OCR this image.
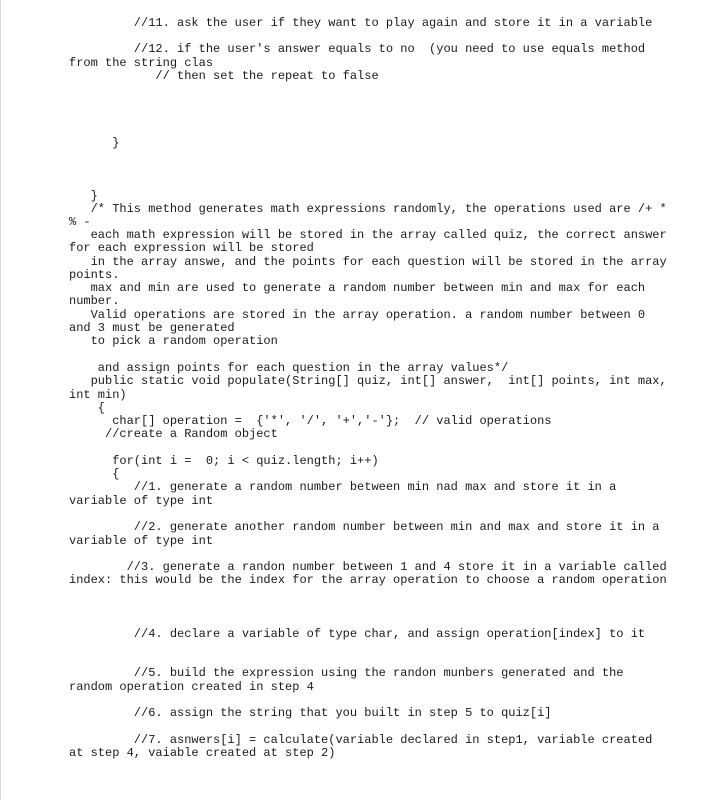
//11. ask the user if they want to play again and store it in a variable
//12. if the user's answer equals to no  (you need to use equals method
from the string clas
// then set the repeat to false
}
}
/* This method generates math expressions randomly, the operations used are /+ *
% -
each math expression will be stored in the array called quiz, the correct answer
for each expression will be stored
in the array answe, and the points for each question will be stored in the array
points.
max and min are used to generate a random number between min and max for each
number.
Valid operations are stored in the array operation. a random number between 0
and 3 must be generated
to pick a random operation
and assign points for each question in the array values*/
public static void populate(String[] quiz, int[] answer,  int[] points, int max,
int min)
{
char[] operation =  {'*', '/', '+','-'};  // valid operations
//create a Random object
for(int i =  0; i < quiz.length; i++)
{
//1. generate a random number between min nad max and store it in a
variable of type int
//2. generate another random number between min and max and store it in a
variable of type int
//3. generate a randon number between 1 and 4 store it in a variable called
index: this would be the index for the array operation to choose a random operation
//4. declare a variable of type char, and assign operation[index] to it
//5. build the expression using the randon munbers generated and the
random operation created in step 4
//6. assign the string that you built in step 5 to quiz[i]
//7. asnwers[i] = calculate(variable declared in step1, variable created
at step 4, vaiable created at step 2)
